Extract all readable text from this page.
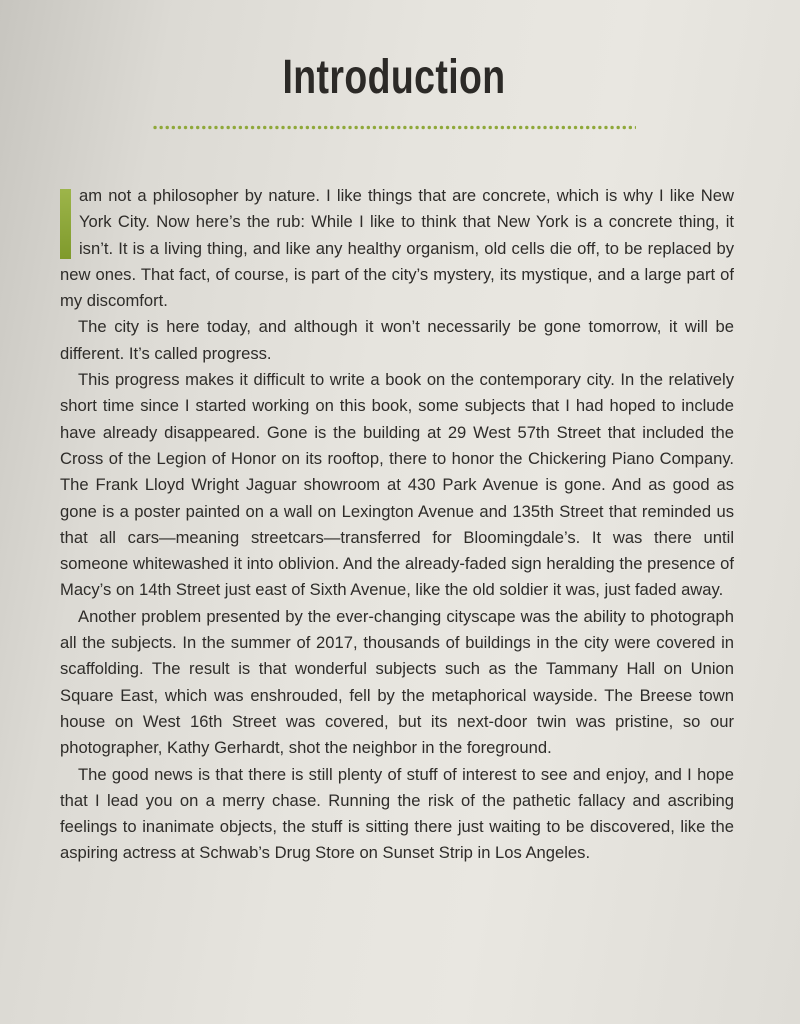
Introduction

am not a philosopher by nature. I like things that are concrete, which is why I like New York City. Now here’s the rub: While I like to think that New York is a concrete thing, it isn’t. It is a living thing, and like any healthy organism, old cells die off, to be replaced by new ones. That fact, of course, is part of the city’s mystery, its mystique, and a large part of my discomfort.

The city is here today, and although it won’t necessarily be gone tomorrow, it will be different. It’s called progress.

This progress makes it difficult to write a book on the contemporary city. In the relatively short time since I started working on this book, some subjects that I had hoped to include have already disappeared. Gone is the building at 29 West 57th Street that included the Cross of the Legion of Honor on its rooftop, there to honor the Chickering Piano Company. The Frank Lloyd Wright Jaguar showroom at 430 Park Avenue is gone. And as good as gone is a poster painted on a wall on Lexington Avenue and 135th Street that reminded us that all cars—meaning streetcars—transferred for Bloomingdale’s. It was there until someone whitewashed it into oblivion. And the already-faded sign heralding the presence of Macy’s on 14th Street just east of Sixth Avenue, like the old soldier it was, just faded away.

Another problem presented by the ever-changing cityscape was the ability to photograph all the subjects. In the summer of 2017, thousands of buildings in the city were covered in scaffolding. The result is that wonderful subjects such as the Tammany Hall on Union Square East, which was enshrouded, fell by the metaphorical wayside. The Breese town house on West 16th Street was covered, but its next-door twin was pristine, so our photographer, Kathy Gerhardt, shot the neighbor in the foreground.

The good news is that there is still plenty of stuff of interest to see and enjoy, and I hope that I lead you on a merry chase. Running the risk of the pathetic fallacy and ascribing feelings to inanimate objects, the stuff is sitting there just waiting to be discovered, like the aspiring actress at Schwab’s Drug Store on Sunset Strip in Los Angeles.
